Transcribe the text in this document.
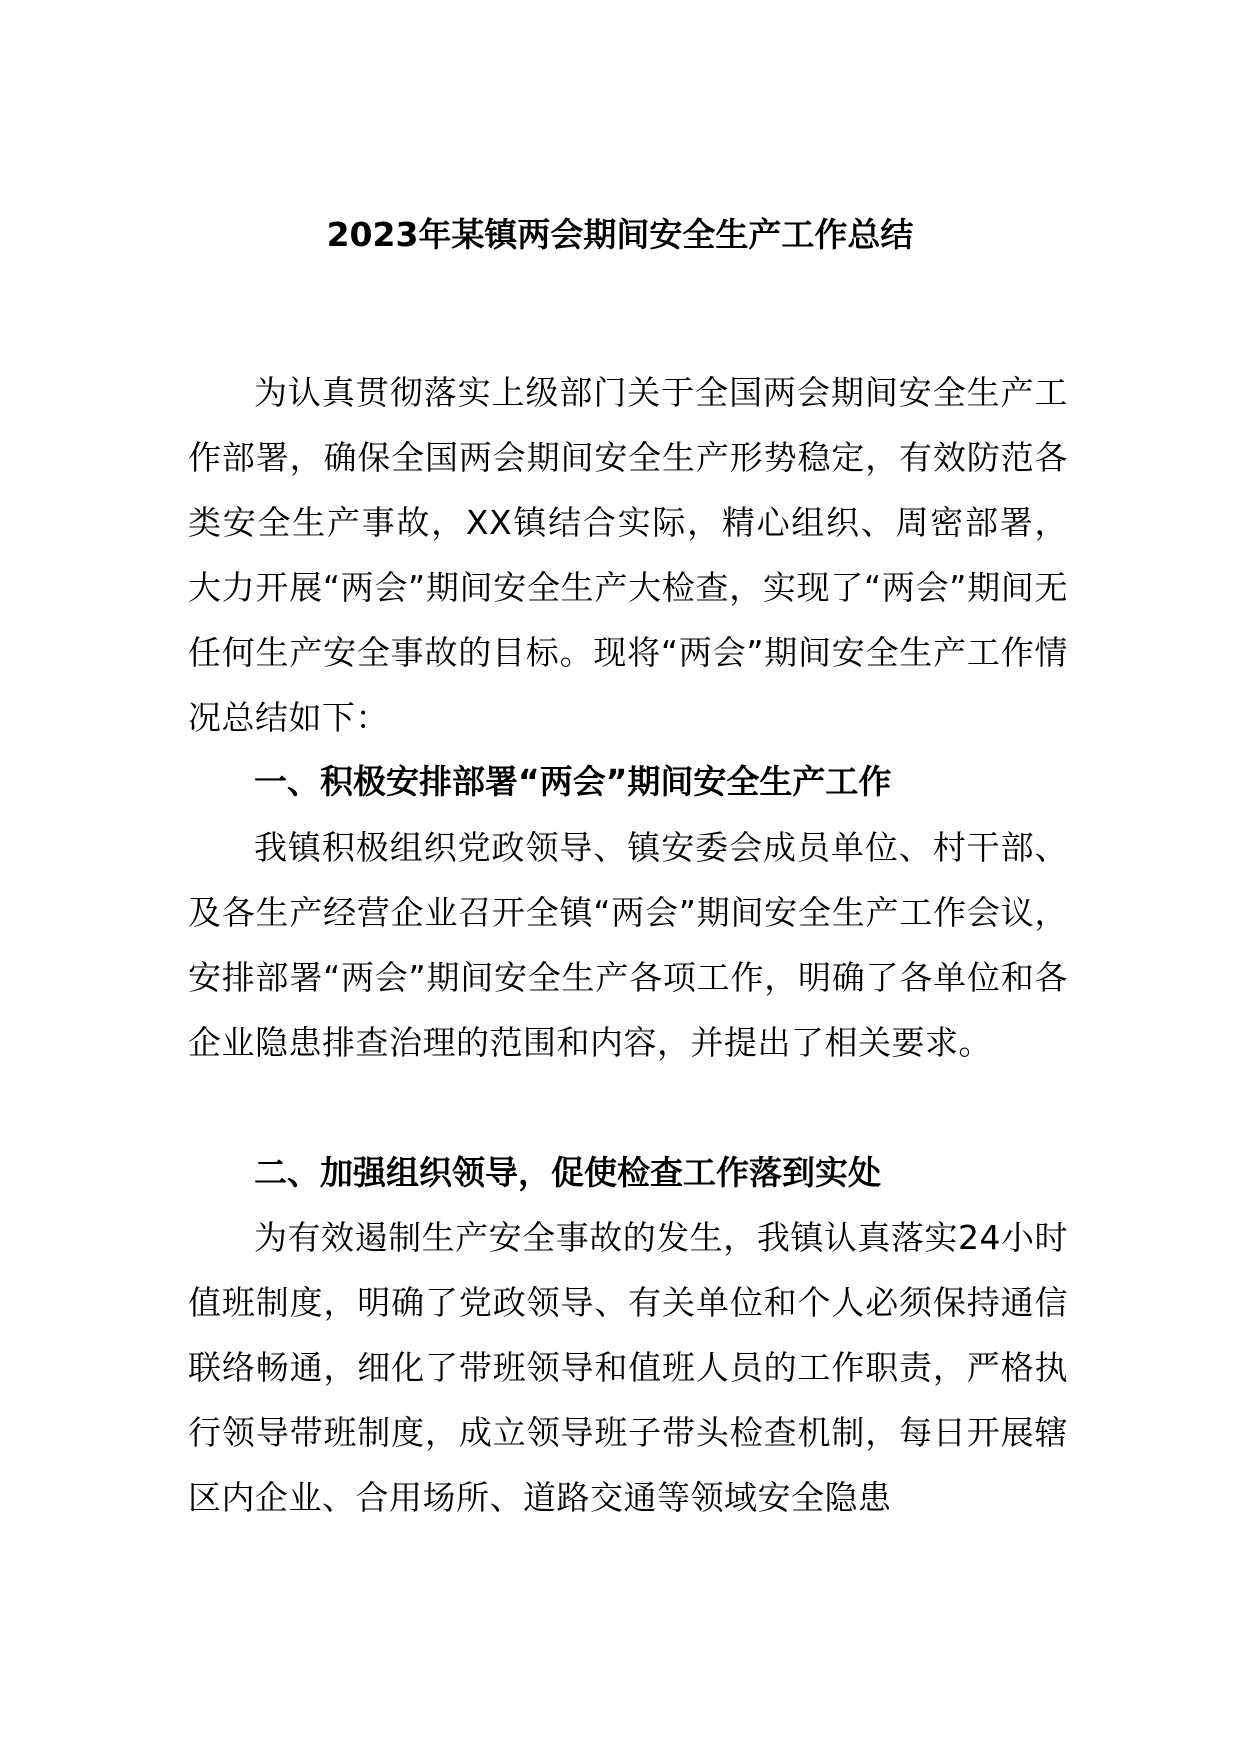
2023年某镇两会期间安全生产工作总结

为认真贯彻落实上级部门关于全国两会期间安全生产工作部署，确保全国两会期间安全生产形势稳定，有效防范各类安全生产事故，XX镇结合实际，精心组织、周密部署，大力开展“两会”期间安全生产大检查，实现了“两会”期间无任何生产安全事故的目标。现将“两会”期间安全生产工作情况总结如下：

一、积极安排部署“两会”期间安全生产工作

我镇积极组织党政领导、镇安委会成员单位、村干部、及各生产经营企业召开全镇“两会”期间安全生产工作会议，安排部署“两会”期间安全生产各项工作，明确了各单位和各企业隐患排查治理的范围和内容，并提出了相关要求。

二、加强组织领导，促使检查工作落到实处

为有效遏制生产安全事故的发生，我镇认真落实24小时值班制度，明确了党政领导、有关单位和个人必须保持通信联络畅通，细化了带班领导和值班人员的工作职责，严格执行领导带班制度，成立领导班子带头检查机制，每日开展辖区内企业、合用场所、道路交通等领域安全隐患
